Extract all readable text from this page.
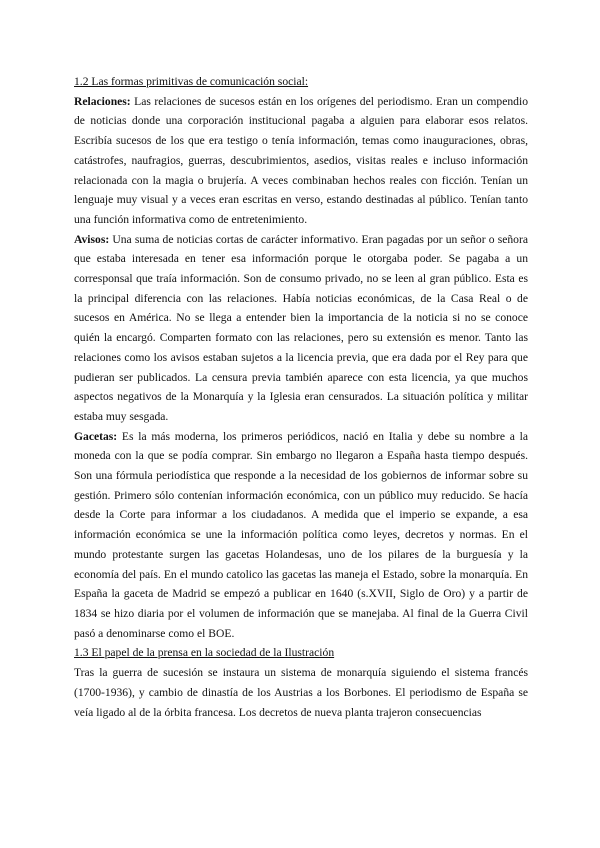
1.2 Las formas primitivas de comunicación social:

Relaciones: Las relaciones de sucesos están en los orígenes del periodismo. Eran un compendio de noticias donde una corporación institucional pagaba a alguien para elaborar esos relatos. Escribía sucesos de los que era testigo o tenía información, temas como inauguraciones, obras, catástrofes, naufragios, guerras, descubrimientos, asedios, visitas reales e incluso información relacionada con la magia o brujería. A veces combinaban hechos reales con ficción. Tenían un lenguaje muy visual y a veces eran escritas en verso, estando destinadas al público. Tenían tanto una función informativa como de entretenimiento.

Avisos: Una suma de noticias cortas de carácter informativo. Eran pagadas por un señor o señora que estaba interesada en tener esa información porque le otorgaba poder. Se pagaba a un corresponsal que traía información. Son de consumo privado, no se leen al gran público. Esta es la principal diferencia con las relaciones. Había noticias económicas, de la Casa Real o de sucesos en América. No se llega a entender bien la importancia de la noticia si no se conoce quién la encargó. Comparten formato con las relaciones, pero su extensión es menor. Tanto las relaciones como los avisos estaban sujetos a la licencia previa, que era dada por el Rey para que pudieran ser publicados. La censura previa también aparece con esta licencia, ya que muchos aspectos negativos de la Monarquía y la Iglesia eran censurados. La situación política y militar estaba muy sesgada.

Gacetas: Es la más moderna, los primeros periódicos, nació en Italia y debe su nombre a la moneda con la que se podía comprar. Sin embargo no llegaron a España hasta tiempo después. Son una fórmula periodística que responde a la necesidad de los gobiernos de informar sobre su gestión. Primero sólo contenían información económica, con un público muy reducido. Se hacía desde la Corte para informar a los ciudadanos. A medida que el imperio se expande, a esa información económica se une la información política como leyes, decretos y normas. En el mundo protestante surgen las gacetas Holandesas, uno de los pilares de la burguesía y la economía del país. En el mundo catolico las gacetas las maneja el Estado, sobre la monarquía. En España la gaceta de Madrid se empezó a publicar en 1640 (s.XVII, Siglo de Oro) y a partir de 1834 se hizo diaria por el volumen de información que se manejaba. Al final de la Guerra Civil pasó a denominarse como el BOE.

1.3 El papel de la prensa en la sociedad de la Ilustración

Tras la guerra de sucesión se instaura un sistema de monarquía siguiendo el sistema francés (1700-1936), y cambio de dinastía de los Austrias a los Borbones. El periodismo de España se veía ligado al de la órbita francesa. Los decretos de nueva planta trajeron consecuencias
